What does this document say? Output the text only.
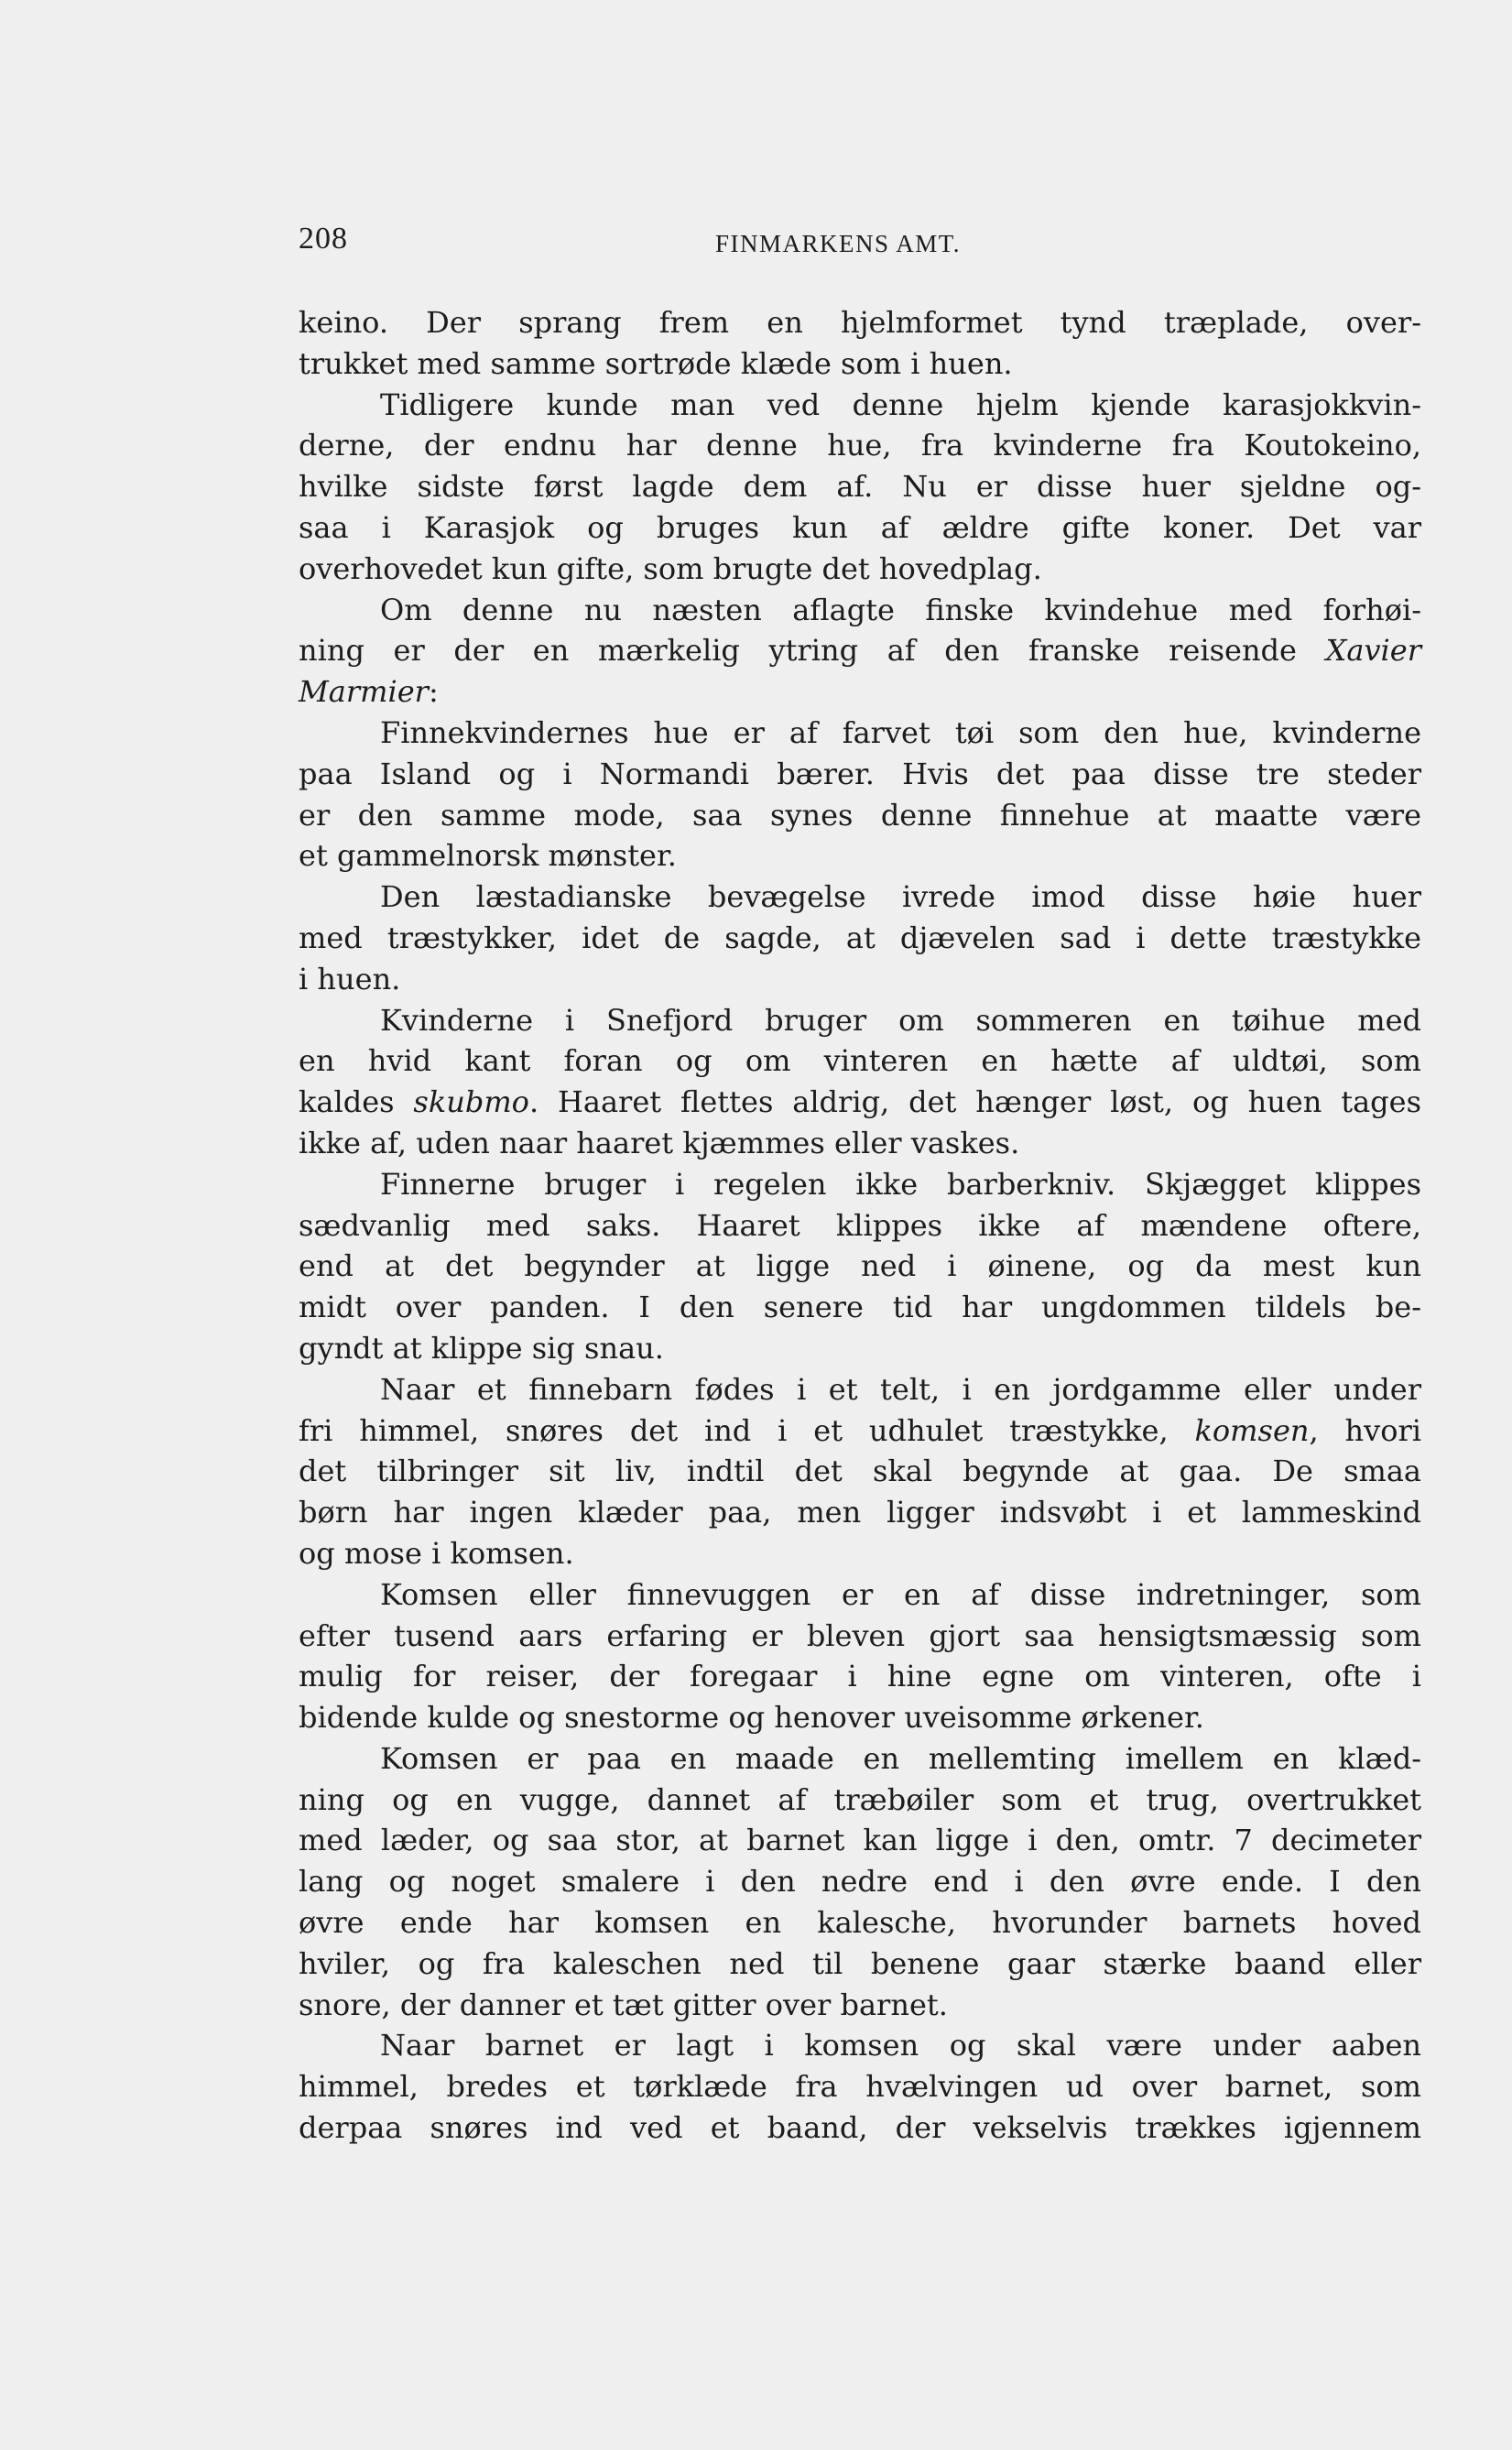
208	FINMARKENS AMT.
keino. Der sprang frem en hjelmformet tynd træplade, over-
trukket med samme sortrøde klæde som i huen.
Tidligere kunde man ved denne hjelm kjende karasjokkvin-
derne, der endnu har denne hue, fra kvinderne fra Koutokeino,
hvilke sidste først lagde dem af. Nu er disse huer sjeldne og-
saa i Karasjok og bruges kun af ældre gifte koner. Det var
overhovedet kun gifte, som brugte det hovedplag.
Om denne nu næsten aflagte finske kvindehue med forhøi-
ning er der en mærkelig ytring af den franske reisende Xavier
Marmier:
Finnekvindernes hue er af farvet tøi som den hue, kvinderne
paa Island og i Normandi bærer. Hvis det paa disse tre steder
er den samme mode, saa synes denne finnehue at maatte være
et gammelnorsk mønster.
Den læstadianske bevægelse ivrede imod disse høie huer
med træstykker, idet de sagde, at djævelen sad i dette træstykke
i huen.
Kvinderne i Snefjord bruger om sommeren en tøihue med
en hvid kant foran og om vinteren en hætte af uldtøi, som
kaldes skubmo. Haaret flettes aldrig, det hænger løst, og huen tages
ikke af, uden naar haaret kjæmmes eller vaskes.
Finnerne bruger i regelen ikke barberkniv. Skjægget klippes
sædvanlig med saks. Haaret klippes ikke af mændene oftere,
end at det begynder at ligge ned i øinene, og da mest kun
midt over panden. I den senere tid har ungdommen tildels be-
gyndt at klippe sig snau.
Naar et finnebarn fødes i et telt, i en jordgamme eller under
fri himmel, snøres det ind i et udhulet træstykke, komsen, hvori
det tilbringer sit liv, indtil det skal begynde at gaa. De smaa
børn har ingen klæder paa, men ligger indsvøbt i et lammeskind
og mose i komsen.
Komsen eller finnevuggen er en af disse indretninger, som
efter tusend aars erfaring er bleven gjort saa hensigtsmæssig som
mulig for reiser, der foregaar i hine egne om vinteren, ofte i
bidende kulde og snestorme og henover uveisomme ørkener.
Komsen er paa en maade en mellemting imellem en klæd-
ning og en vugge, dannet af træbøiler som et trug, overtrukket
med læder, og saa stor, at barnet kan ligge i den, omtr. 7 decimeter
lang og noget smalere i den nedre end i den øvre ende. I den
øvre ende har komsen en kalesche, hvorunder barnets hoved
hviler, og fra kaleschen ned til benene gaar stærke baand eller
snore, der danner et tæt gitter over barnet.
Naar barnet er lagt i komsen og skal være under aaben
himmel, bredes et tørklæde fra hvælvingen ud over barnet, som
derpaa snøres ind ved et baand, der vekselvis trækkes igjennem
